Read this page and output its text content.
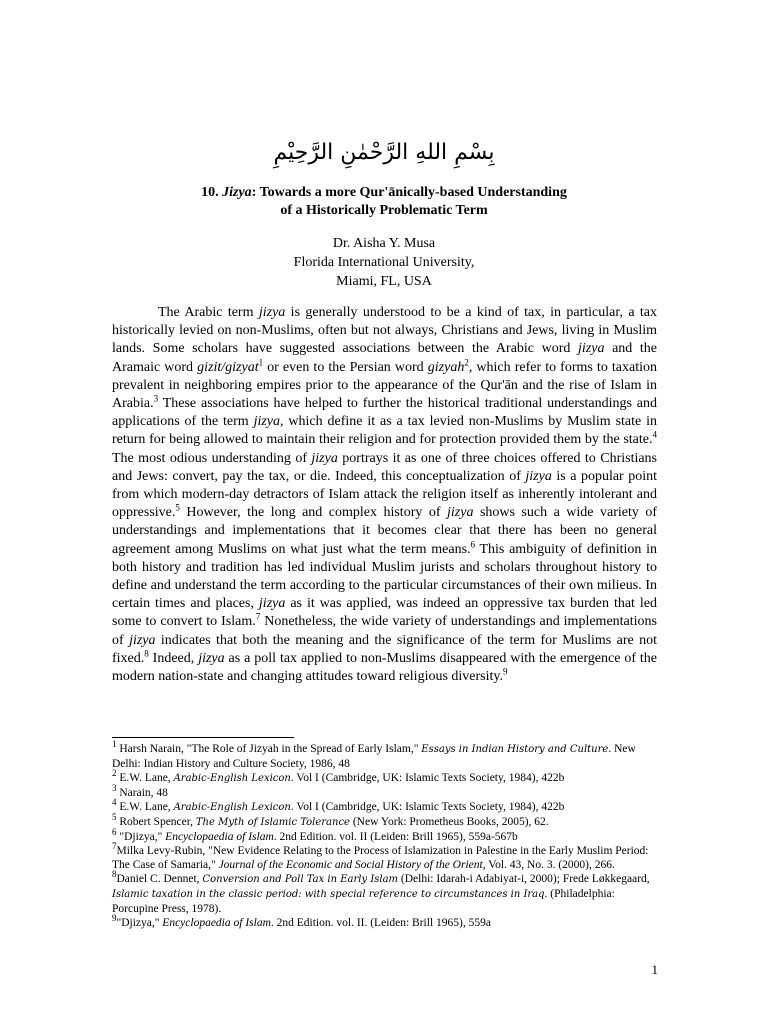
بِسْمِ اللهِ الرَّحْمٰنِ الرَّحِيْمِ
10. Jizya: Towards a more Qur'ānically-based Understanding
of a Historically Problematic Term
Dr. Aisha Y. Musa
Florida International University,
Miami, FL, USA

The Arabic term jizya is generally understood to be a kind of tax, in particular, a tax historically levied on non-Muslims, often but not always, Christians and Jews, living in Muslim lands. Some scholars have suggested associations between the Arabic word jizya and the Aramaic word gizit/gizyat$^1$ or even to the Persian word gizyah$^2$, which refer to forms to taxation prevalent in neighboring empires prior to the appearance of the Qur'ān and the rise of Islam in Arabia.$^3$ These associations have helped to further the historical traditional understandings and applications of the term jizya, which define it as a tax levied non-Muslims by Muslim state in return for being allowed to maintain their religion and for protection provided them by the state.$^4$ The most odious understanding of jizya portrays it as one of three choices offered to Christians and Jews: convert, pay the tax, or die. Indeed, this conceptualization of jizya is a popular point from which modern-day detractors of Islam attack the religion itself as inherently intolerant and oppressive.$^5$ However, the long and complex history of jizya shows such a wide variety of understandings and implementations that it becomes clear that there has been no general agreement among Muslims on what just what the term means.$^6$ This ambiguity of definition in both history and tradition has led individual Muslim jurists and scholars throughout history to define and understand the term according to the particular circumstances of their own milieus. In certain times and places, jizya as it was applied, was indeed an oppressive tax burden that led some to convert to Islam.$^7$ Nonetheless, the wide variety of understandings and implementations of jizya indicates that both the meaning and the significance of the term for Muslims are not fixed.$^8$ Indeed, jizya as a poll tax applied to non-Muslims disappeared with the emergence of the modern nation-state and changing attitudes toward religious diversity.$^9$

$^1$ Harsh Narain, "The Role of Jizyah in the Spread of Early Islam," Essays in Indian History and Culture. New Delhi: Indian History and Culture Society, 1986, 48

$^2$ E.W. Lane, Arabic-English Lexicon. Vol I (Cambridge, UK: Islamic Texts Society, 1984), 422b

$^3$ Narain, 48

$^4$ E.W. Lane, Arabic-English Lexicon. Vol I (Cambridge, UK: Islamic Texts Society, 1984), 422b

$^5$ Robert Spencer, The Myth of Islamic Tolerance (New York: Prometheus Books, 2005), 62.

$^6$ "Djizya," Encyclopaedia of Islam. 2nd Edition. vol. II (Leiden: Brill 1965), 559a-567b

$^7$Milka Levy-Rubin, "New Evidence Relating to the Process of Islamization in Palestine in the Early Muslim Period: The Case of Samaria," Journal of the Economic and Social History of the Orient, Vol. 43, No. 3. (2000), 266.

$^8$Daniel C. Dennet, Conversion and Poll Tax in Early Islam (Delhi: Idarah-i Adabiyat-i, 2000); Frede Løkkegaard, Islamic taxation in the classic period: with special reference to circumstances in Iraq. (Philadelphia: Porcupine Press, 1978).

$^9$"Djizya," Encyclopaedia of Islam. 2nd Edition. vol. II. (Leiden: Brill 1965), 559a

1
